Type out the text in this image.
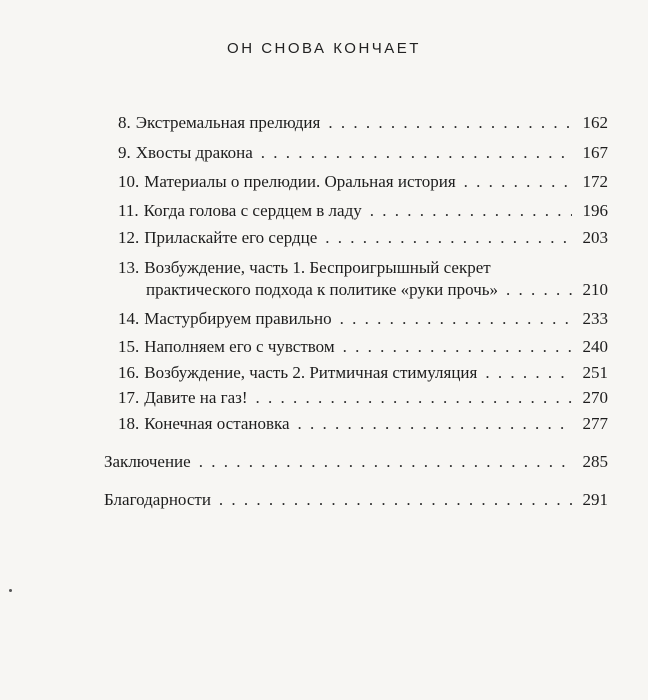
ОН СНОВА КОНЧАЕТ
8. Экстремальная прелюдия . . .	162
9. Хвосты дракона . . .	167
10. Материалы о прелюдии. Оральная история . . .	172
11. Когда голова с сердцем в ладу . . .	196
12. Приласкайте его сердце . . .	203
13. Возбуждение, часть 1. Беспроигрышный секрет
практического подхода к политике «руки прочь» . . .	210
14. Мастурбируем правильно . . .	233
15. Наполняем его с чувством . . .	240
16. Возбуждение, часть 2. Ритмичная стимуляция . . .	251
17. Давите на газ! . . .	270
18. Конечная остановка . . .	277
Заключение . . .	285
Благодарности . . .	291
